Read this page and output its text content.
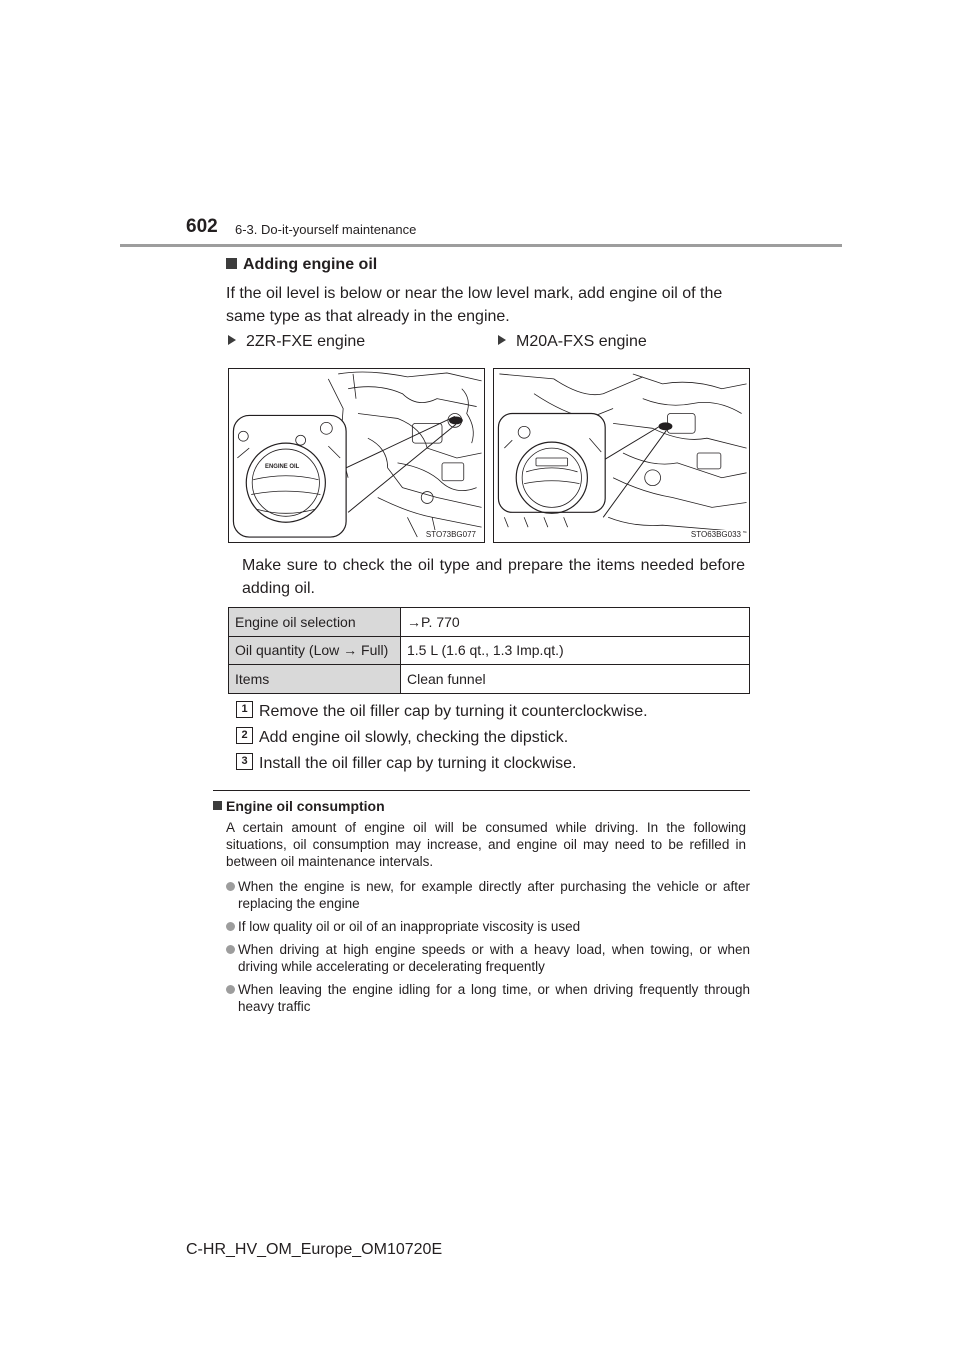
602 6-3. Do-it-yourself maintenance
Adding engine oil

If the oil level is below or near the low level mark, add engine oil of the same type as that already in the engine.

2ZR-FXE engine	M20A-FXS engine
ENGINE OIL
STO73BG077	STO63BG033

Make sure to check the oil type and prepare the items needed before adding oil.

Engine oil selection	→P. 770
Oil quantity (Low → Full)	1.5 L (1.6 qt., 1.3 Imp.qt.)
Items	Clean funnel
1 Remove the oil filler cap by turning it counterclockwise.
2 Add engine oil slowly, checking the dipstick.
3 Install the oil filler cap by turning it clockwise.
Engine oil consumption

A certain amount of engine oil will be consumed while driving. In the following situations, oil consumption may increase, and engine oil may need to be refilled in between oil maintenance intervals.

When the engine is new, for example directly after purchasing the vehicle or after replacing the engine
If low quality oil or oil of an inappropriate viscosity is used
When driving at high engine speeds or with a heavy load, when towing, or when driving while accelerating or decelerating frequently
When leaving the engine idling for a long time, or when driving frequently through heavy traffic
C-HR_HV_OM_Europe_OM10720E
